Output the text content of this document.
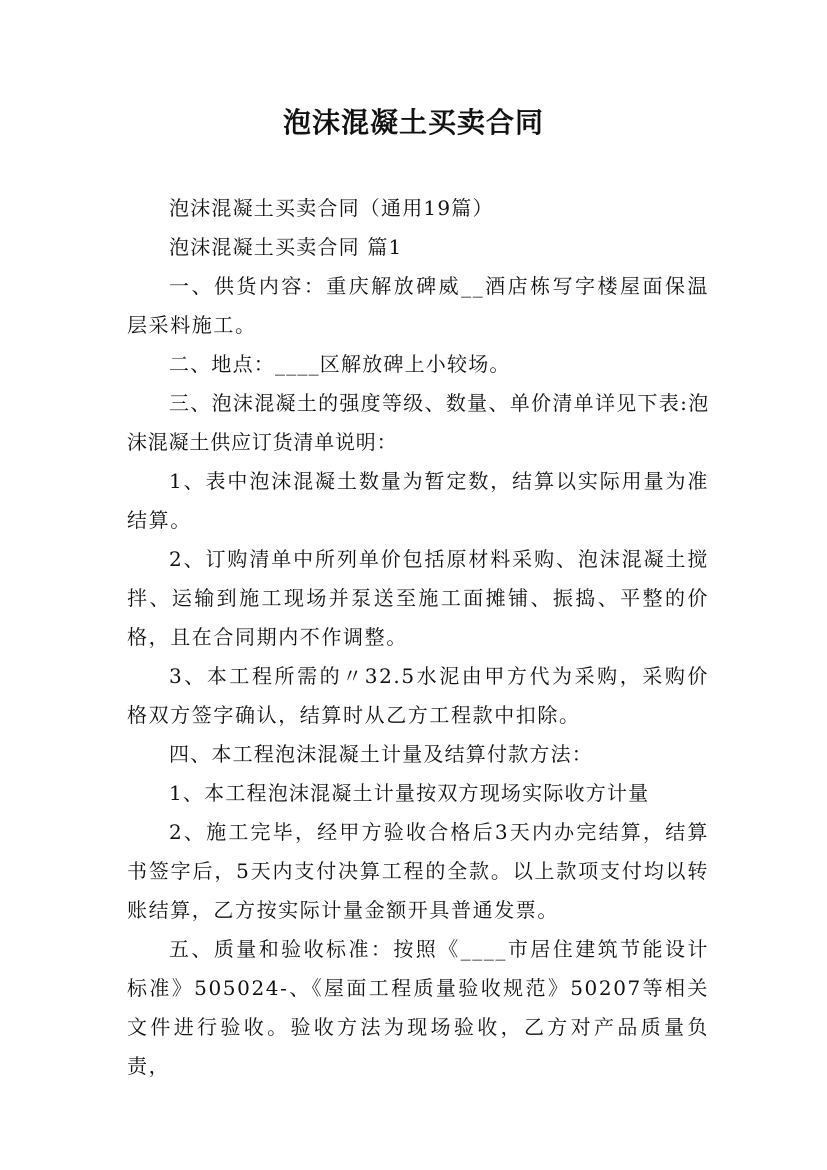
泡沫混凝土买卖合同

泡沫混凝土买卖合同（通用19篇）

泡沫混凝土买卖合同 篇1

一、供货内容：重庆解放碑威__酒店栋写字楼屋面保温层采料施工。

二、地点：____区解放碑上小较场。

三、泡沫混凝土的强度等级、数量、单价清单详见下表:泡沫混凝土供应订货清单说明：

1、表中泡沫混凝土数量为暂定数，结算以实际用量为准结算。

2、订购清单中所列单价包括原材料采购、泡沫混凝土搅拌、运输到施工现场并泵送至施工面摊铺、振捣、平整的价格，且在合同期内不作调整。

3、本工程所需的〃32.5水泥由甲方代为采购，采购价格双方签字确认，结算时从乙方工程款中扣除。

四、本工程泡沫混凝土计量及结算付款方法：

1、本工程泡沫混凝土计量按双方现场实际收方计量

2、施工完毕，经甲方验收合格后3天内办完结算，结算书签字后，5天内支付决算工程的全款。以上款项支付均以转账结算，乙方按实际计量金额开具普通发票。

五、质量和验收标准：按照《____市居住建筑节能设计标准》505024-、《屋面工程质量验收规范》50207等相关文件进行验收。验收方法为现场验收，乙方对产品质量负责，
